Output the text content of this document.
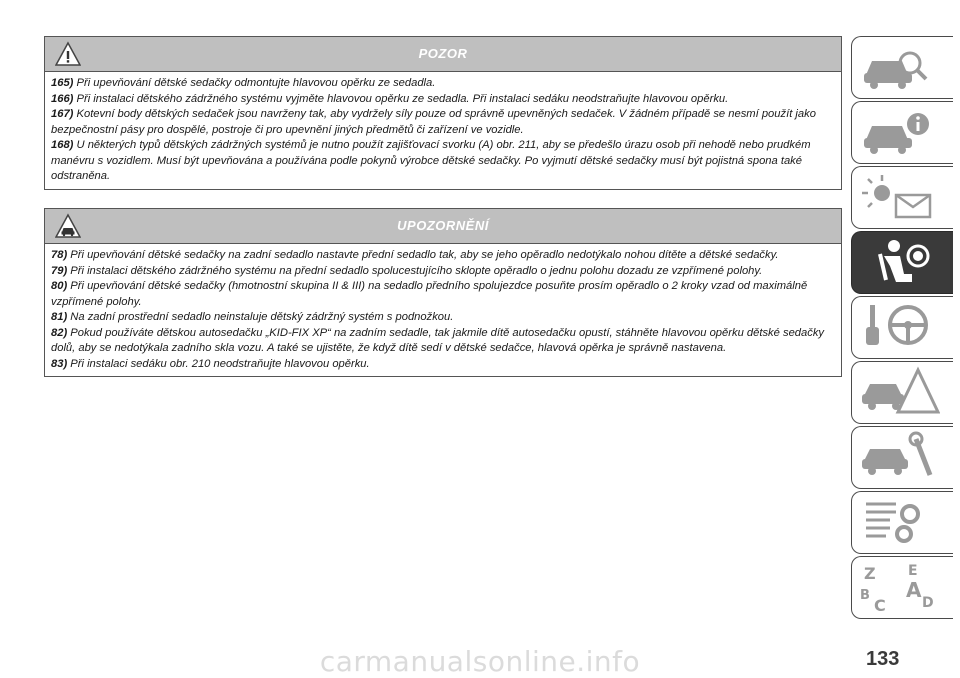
POZOR

165) Při upevňování dětské sedačky odmontujte hlavovou opěrku ze sedadla.

166) Při instalaci dětského zádržného systému vyjměte hlavovou opěrku ze sedadla. Při instalaci sedáku neodstraňujte hlavovou opěrku.

167) Kotevní body dětských sedaček jsou navrženy tak, aby vydržely síly pouze od správně upevněných sedaček. V žádném případě se nesmí použít jako bezpečnostní pásy pro dospělé, postroje či pro upevnění jiných předmětů či zařízení ve vozidle.

168) U některých typů dětských zádržných systémů je nutno použít zajišťovací svorku (A) obr. 211, aby se předešlo úrazu osob při nehodě nebo prudkém manévru s vozidlem. Musí být upevňována a používána podle pokynů výrobce dětské sedačky. Po vyjmutí dětské sedačky musí být pojistná spona také odstraněna.

UPOZORNĚNÍ

78) Při upevňování dětské sedačky na zadní sedadlo nastavte přední sedadlo tak, aby se jeho opěradlo nedotýkalo nohou dítěte a dětské sedačky.

79) Při instalaci dětského zádržného systému na přední sedadlo spolucestujícího sklopte opěradlo o jednu polohu dozadu ze vzpřímené polohy.

80) Při upevňování dětské sedačky (hmotnostní skupina II & III) na sedadlo předního spolujezdce posuňte prosím opěradlo o 2 kroky vzad od maximálně vzpřímené polohy.

81) Na zadní prostřední sedadlo neinstaluje dětský zádržný systém s podnožkou.

82) Pokud používáte dětskou autosedačku „KID-FIX XP“ na zadním sedadle, tak jakmile dítě autosedačku opustí, stáhněte hlavovou opěrku dětské sedačky dolů, aby se nedotýkala zadního skla vozu. A také se ujistěte, že když dítě sedí v dětské sedačce, hlavová opěrka je správně nastavena.

83) Při instalaci sedáku obr. 210 neodstraňujte hlavovou opěrku.

Z E
B A
C	D
133
carmanualsonline.info
